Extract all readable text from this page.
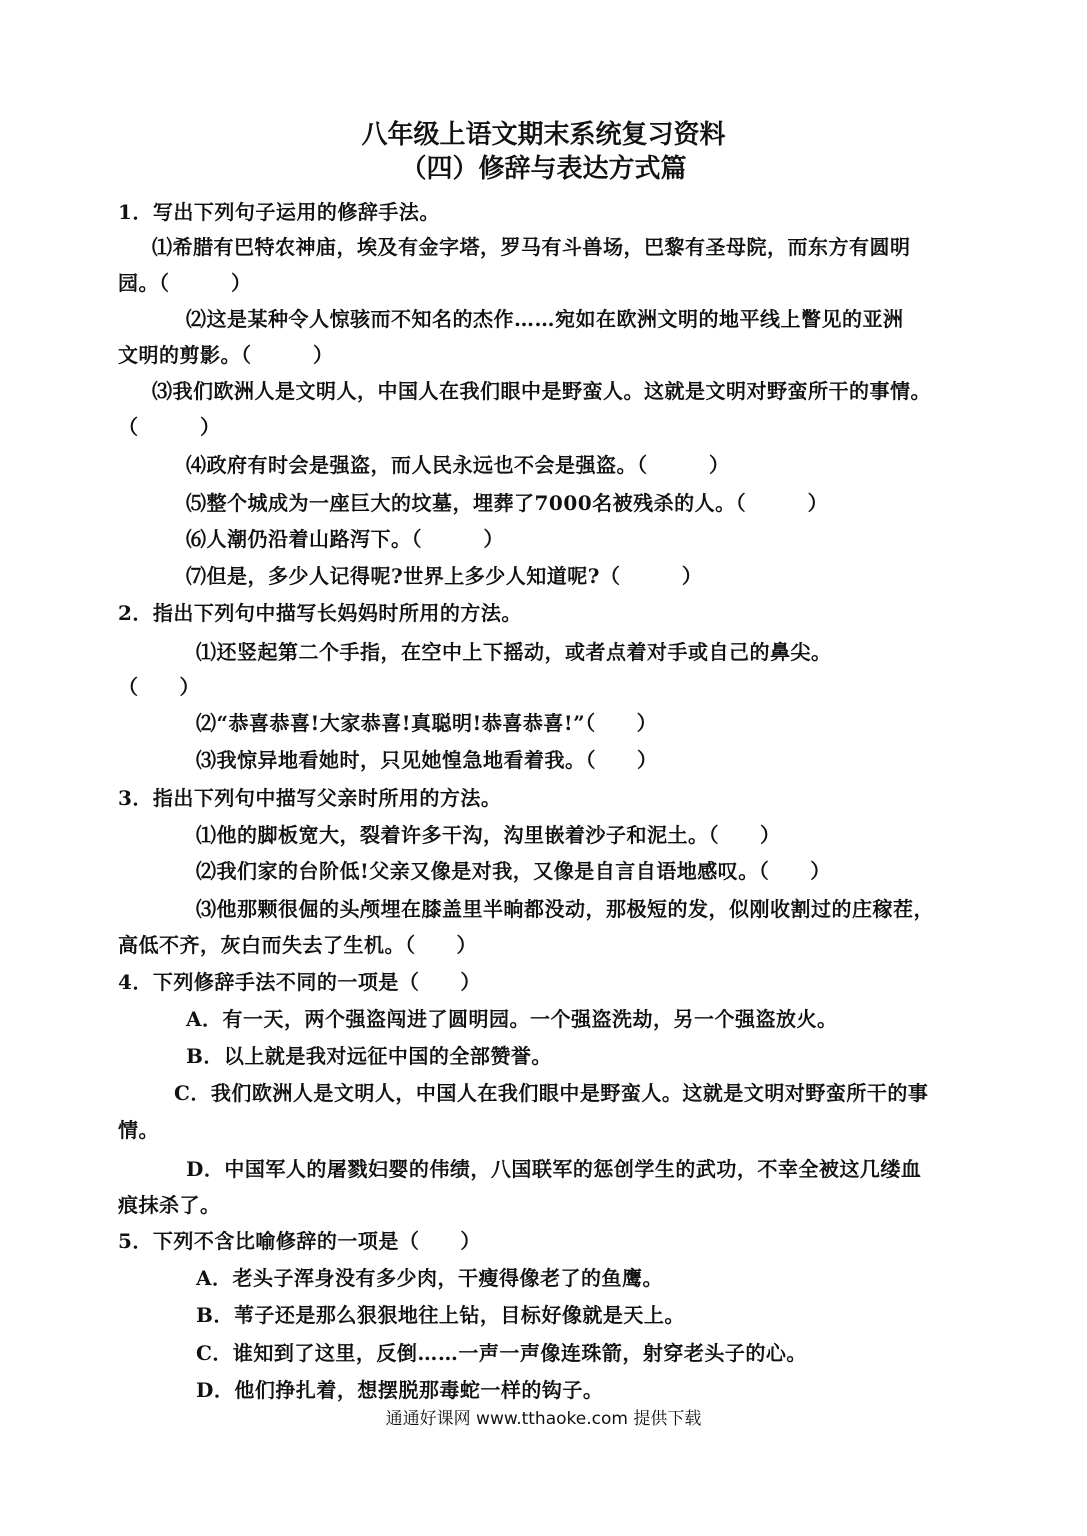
八年级上语文期末系统复习资料
（四）修辞与表达方式篇
1．写出下列句子运用的修辞手法。
⑴希腊有巴特农神庙，埃及有金字塔，罗马有斗兽场，巴黎有圣母院，而东方有圆明
园。（　　　）
⑵这是某种令人惊骇而不知名的杰作……宛如在欧洲文明的地平线上瞥见的亚洲
文明的剪影。（　　　）
⑶我们欧洲人是文明人，中国人在我们眼中是野蛮人。这就是文明对野蛮所干的事情。
（　　　）
⑷政府有时会是强盗，而人民永远也不会是强盗。（　　　）
⑸整个城成为一座巨大的坟墓，埋葬了7000名被残杀的人。（　　　）
⑹人潮仍沿着山路泻下。（　　　）
⑺但是，多少人记得呢?世界上多少人知道呢?（　　　）
2．指出下列句中描写长妈妈时所用的方法。
⑴还竖起第二个手指，在空中上下摇动，或者点着对手或自己的鼻尖。
（　　）
⑵“恭喜恭喜!大家恭喜!真聪明!恭喜恭喜!”（　　）
⑶我惊异地看她时，只见她惶急地看着我。（　　）
3．指出下列句中描写父亲时所用的方法。
⑴他的脚板宽大，裂着许多干沟，沟里嵌着沙子和泥土。（　　）
⑵我们家的台阶低!父亲又像是对我，又像是自言自语地感叹。（　　）
⑶他那颗很倔的头颅埋在膝盖里半晌都没动，那极短的发，似刚收割过的庄稼茬，
高低不齐，灰白而失去了生机。（　　）
4．下列修辞手法不同的一项是（　　）
A．有一天，两个强盗闯进了圆明园。一个强盗洗劫，另一个强盗放火。
B．以上就是我对远征中国的全部赞誉。
C．我们欧洲人是文明人，中国人在我们眼中是野蛮人。这就是文明对野蛮所干的事
情。
D．中国军人的屠戮妇婴的伟绩，八国联军的惩创学生的武功，不幸全被这几缕血
痕抹杀了。
5．下列不含比喻修辞的一项是（　　）
A．老头子浑身没有多少肉，干瘦得像老了的鱼鹰。
B．苇子还是那么狠狠地往上钻，目标好像就是天上。
C．谁知到了这里，反倒……一声一声像连珠箭，射穿老头子的心。
D．他们挣扎着，想摆脱那毒蛇一样的钩子。
通通好课网 www.tthaoke.com 提供下载
